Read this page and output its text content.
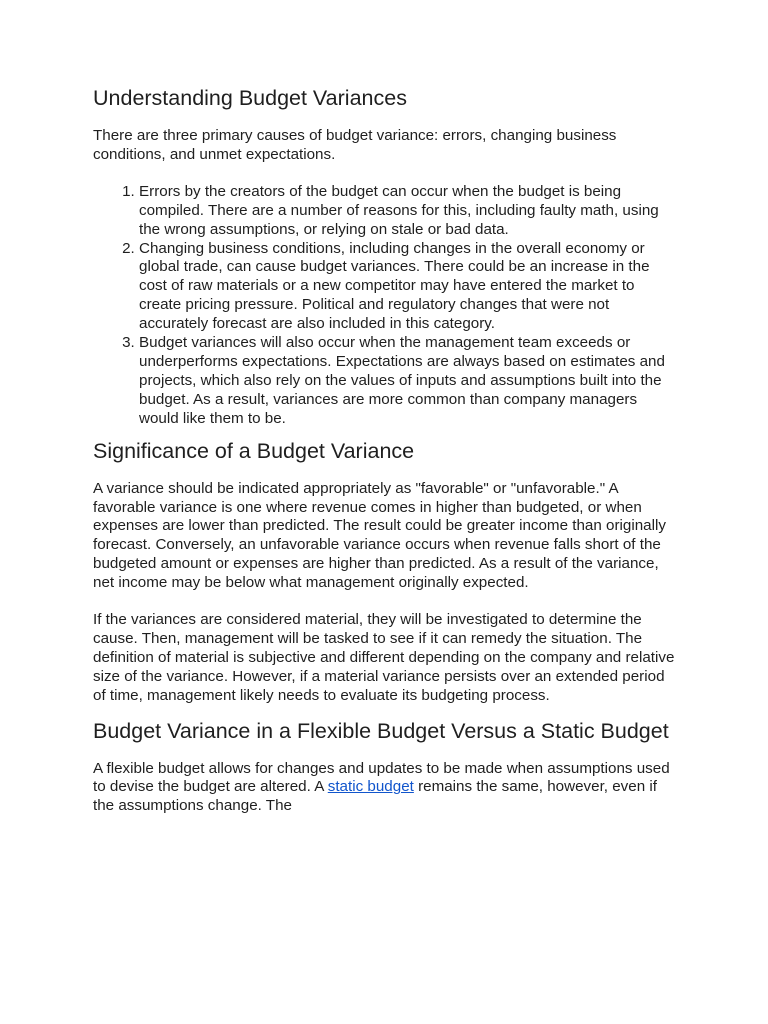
Understanding Budget Variances

There are three primary causes of budget variance: errors, changing business conditions, and unmet expectations.

1. Errors by the creators of the budget can occur when the budget is being compiled. There are a number of reasons for this, including faulty math, using the wrong assumptions, or relying on stale or bad data.
2. Changing business conditions, including changes in the overall economy or global trade, can cause budget variances. There could be an increase in the cost of raw materials or a new competitor may have entered the market to create pricing pressure. Political and regulatory changes that were not accurately forecast are also included in this category.
3. Budget variances will also occur when the management team exceeds or underperforms expectations. Expectations are always based on estimates and projects, which also rely on the values of inputs and assumptions built into the budget. As a result, variances are more common than company managers would like them to be.
Significance of a Budget Variance

A variance should be indicated appropriately as "favorable" or "unfavorable." A favorable variance is one where revenue comes in higher than budgeted, or when expenses are lower than predicted. The result could be greater income than originally forecast. Conversely, an unfavorable variance occurs when revenue falls short of the budgeted amount or expenses are higher than predicted. As a result of the variance, net income may be below what management originally expected.

If the variances are considered material, they will be investigated to determine the cause. Then, management will be tasked to see if it can remedy the situation. The definition of material is subjective and different depending on the company and relative size of the variance. However, if a material variance persists over an extended period of time, management likely needs to evaluate its budgeting process.

Budget Variance in a Flexible Budget Versus a Static Budget

A flexible budget allows for changes and updates to be made when assumptions used to devise the budget are altered. A static budget remains the same, however, even if the assumptions change. The
